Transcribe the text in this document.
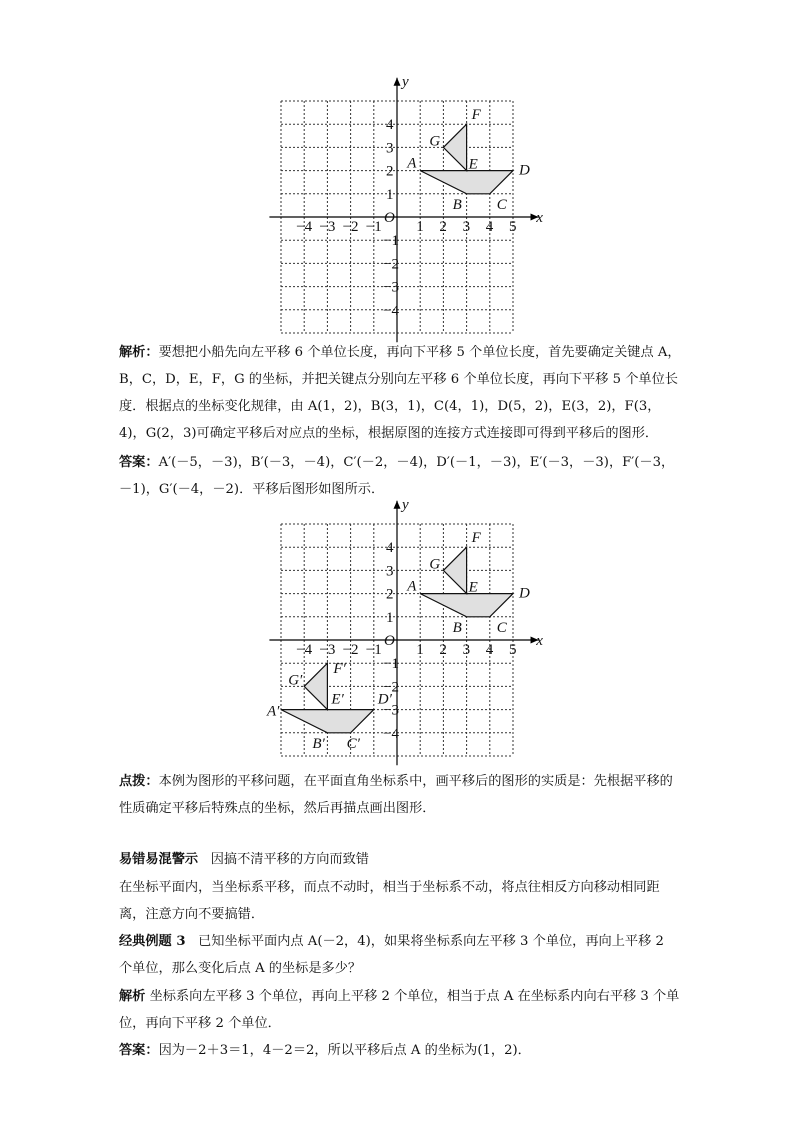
x
y
O
−4 −3 −2 −1 1 2 3 4 5
4
3
2
1
−1
−2
−3
−4
A
B C
D
E
F
G

解析：要想把小船先向左平移 6 个单位长度，再向下平移 5 个单位长度，首先要确定关键点 A，B，C，D，E，F，G 的坐标，并把关键点分别向左平移 6 个单位长度，再向下平移 5 个单位长度．根据点的坐标变化规律，由 A(1，2)，B(3，1)，C(4，1)，D(5，2)，E(3，2)，F(3，4)，G(2，3)可确定平移后对应点的坐标，根据原图的连接方式连接即可得到平移后的图形．

答案：A′(－5，－3)，B′(－3，－4)，C′(－2，－4)，D′(－1，－3)，E′(－3，－3)，F′(－3，－1)，G′(－4，－2)．平移后图形如图所示．

x
y
O
−4 −3 −2 −1 1 2 3 4 5
4
3
2
1
−1
−2
−3
−4
A
B C
D
E
F
G
A′
B′ C′
D′
E′
F′
G′

点拨：本例为图形的平移问题，在平面直角坐标系中，画平移后的图形的实质是：先根据平移的性质确定平移后特殊点的坐标，然后再描点画出图形．

易错易混警示 因搞不清平移的方向而致错

在坐标平面内，当坐标系平移，而点不动时，相当于坐标系不动，将点往相反方向移动相同距离，注意方向不要搞错．

经典例题 3 已知坐标平面内点 A(－2，4)，如果将坐标系向左平移 3 个单位，再向上平移 2 个单位，那么变化后点 A 的坐标是多少？

解析 坐标系向左平移 3 个单位，再向上平移 2 个单位，相当于点 A 在坐标系内向右平移 3 个单位，再向下平移 2 个单位．

答案：因为－2＋3＝1，4－2＝2，所以平移后点 A 的坐标为(1，2)．
